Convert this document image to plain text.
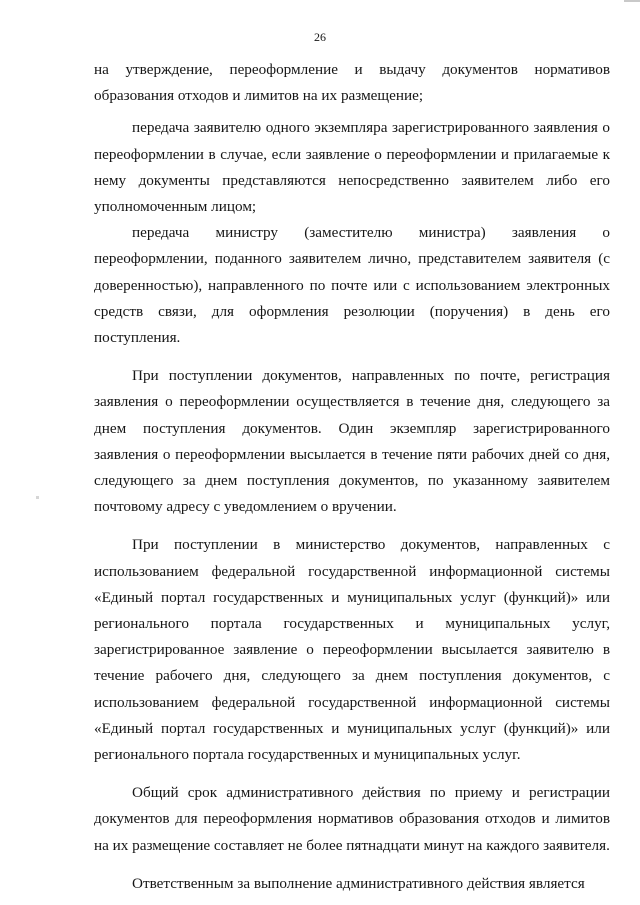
26

на утверждение, переоформление и выдачу документов нормативов образования отходов и лимитов на их размещение;

передача заявителю одного экземпляра зарегистрированного заявления о переоформлении в случае, если заявление о переоформлении и прилагаемые к нему документы представляются непосредственно заявителем либо его уполномоченным лицом;

передача министру (заместителю министра) заявления о переоформлении, поданного заявителем лично, представителем заявителя (с доверенностью), направленного по почте или с использованием электронных средств связи, для оформления резолюции (поручения) в день его поступления.

При поступлении документов, направленных по почте, регистрация заявления о переоформлении осуществляется в течение дня, следующего за днем поступления документов. Один экземпляр зарегистрированного заявления о переоформлении высылается в течение пяти рабочих дней со дня, следующего за днем поступления документов, по указанному заявителем почтовому адресу с уведомлением о вручении.

При поступлении в министерство документов, направленных с использованием федеральной государственной информационной системы «Единый портал государственных и муниципальных услуг (функций)» или регионального портала государственных и муниципальных услуг, зарегистрированное заявление о переоформлении высылается заявителю в течение рабочего дня, следующего за днем поступления документов, с использованием федеральной государственной информационной системы «Единый портал государственных и муниципальных услуг (функций)» или регионального портала государственных и муниципальных услуг.

Общий срок административного действия по приему и регистрации документов для переоформления нормативов образования отходов и лимитов на их размещение составляет не более пятнадцати минут на каждого заявителя.

Ответственным за выполнение административного действия является
